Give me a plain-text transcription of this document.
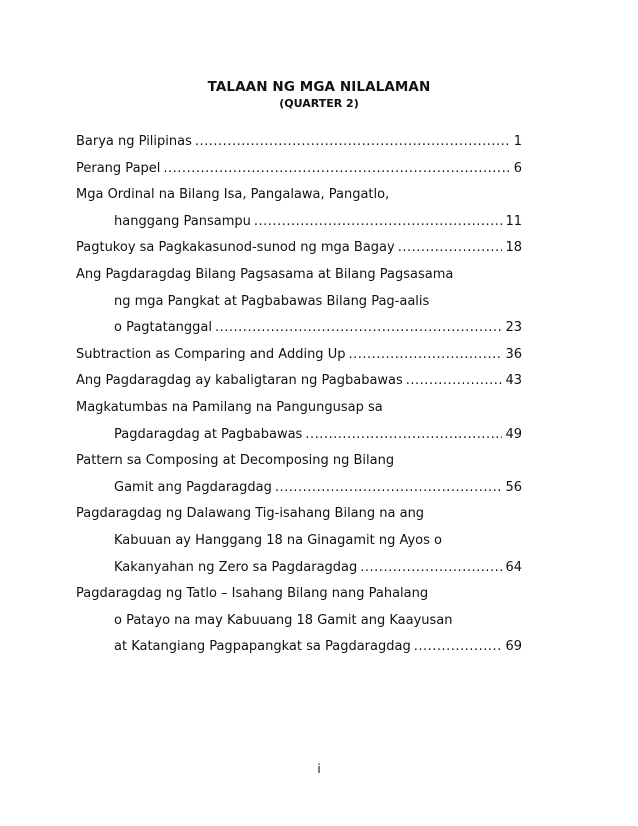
TALAAN NG MGA NILALAMAN
(QUARTER 2)
Barya ng Pilipinas .....	1
Perang Papel .....	6
Mga Ordinal na Bilang Isa, Pangalawa, Pangatlo,
hanggang Pansampu .....	11
Pagtukoy sa Pagkakasunod-sunod ng mga Bagay .....	18
Ang Pagdaragdag Bilang Pagsasama at Bilang Pagsasama
ng mga Pangkat at Pagbabawas Bilang Pag-aalis
o Pagtatanggal .....	23
Subtraction as Comparing and Adding Up .....	36
Ang Pagdaragdag ay kabaligtaran ng Pagbabawas .....	43
Magkatumbas na Pamilang na Pangungusap sa
Pagdaragdag at Pagbabawas .....	49
Pattern sa Composing at Decomposing ng Bilang
Gamit ang Pagdaragdag .....	56
Pagdaragdag ng Dalawang Tig-isahang Bilang na ang
Kabuuan ay Hanggang 18 na Ginagamit ng Ayos o
Kakanyahan ng Zero sa Pagdaragdag .....	64
Pagdaragdag ng Tatlo – Isahang Bilang nang Pahalang
o Patayo na may Kabuuang 18 Gamit ang Kaayusan
at Katangiang Pagpapangkat sa Pagdaragdag .....	69
i
